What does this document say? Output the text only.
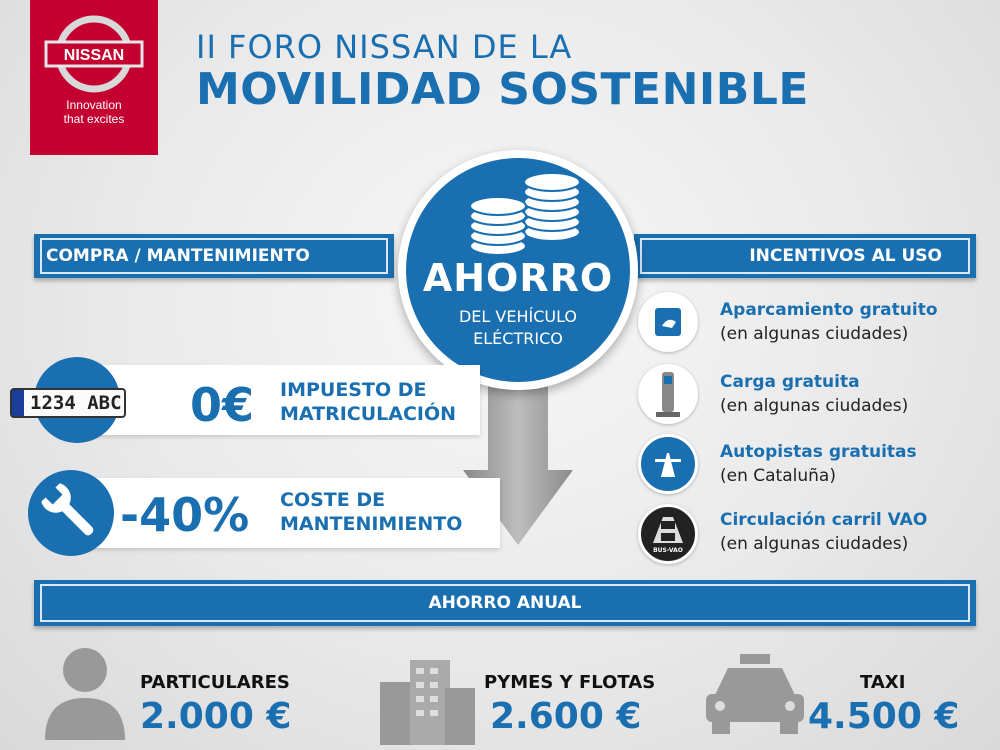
NISSAN
Innovation
that excites
II FORO NISSAN DE LA
MOVILIDAD SOSTENIBLE
COMPRA / MANTENIMIENTO	INCENTIVOS AL USO
AHORRO
DEL VEHÍCULO
ELÉCTRICO
1234 ABC 0€ IMPUESTO DE
MATRICULACIÓN
-40% COSTE DE
MANTENIMIENTO
Aparcamiento gratuito
(en algunas ciudades)
Carga gratuita
(en algunas ciudades)
Autopistas gratuitas
(en Cataluña)
BUS-VAO
Circulación carril VAO
(en algunas ciudades)
AHORRO ANUAL
PARTICULARES
2.000 €
PYMES Y FLOTAS
2.600 €
TAXI
4.500 €
